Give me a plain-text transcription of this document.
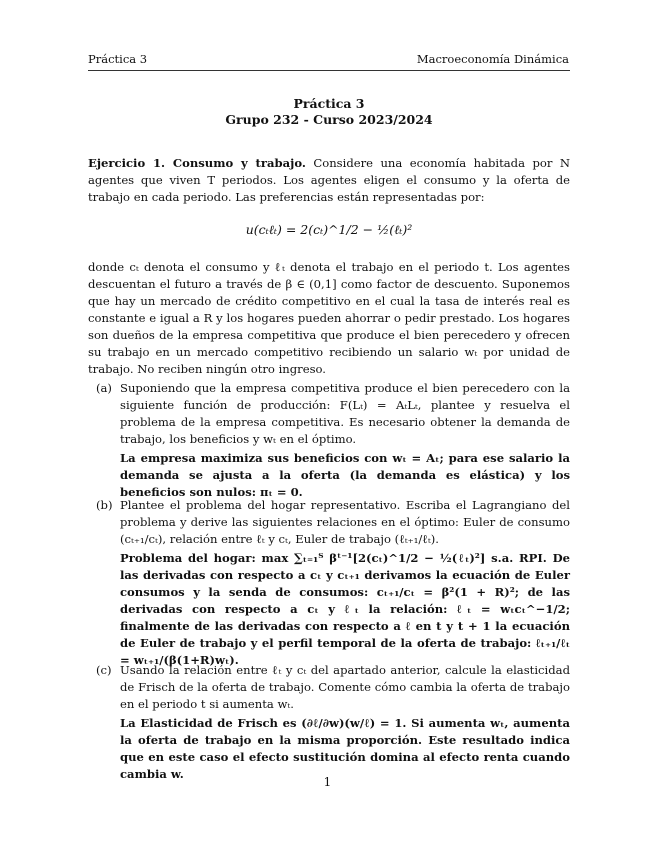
Práctica 3	Macroeconomía Dinámica
Práctica 3
Grupo 232 - Curso 2023/2024
Ejercicio 1. Consumo y trabajo. Considere una economía habitada por N agentes que viven T periodos. Los agentes eligen el consumo y la oferta de trabajo en cada periodo. Las preferencias están representadas por:
u(cₜℓₜ) = 2(cₜ)^1/2 − ½(ℓₜ)²
donde cₜ denota el consumo y ℓₜ denota el trabajo en el periodo t. Los agentes descuentan el futuro a través de β ∈ (0,1] como factor de descuento. Suponemos que hay un mercado de crédito competitivo en el cual la tasa de interés real es constante e igual a R y los hogares pueden ahorrar o pedir prestado. Los hogares son dueños de la empresa competitiva que produce el bien perecedero y ofrecen su trabajo en un mercado competitivo recibiendo un salario wₜ por unidad de trabajo. No reciben ningún otro ingreso.
(a) Suponiendo que la empresa competitiva produce el bien perecedero con la siguiente función de producción: F(Lₜ) = AₜLₜ, plantee y resuelva el problema de la empresa competitiva. Es necesario obtener la demanda de trabajo, los beneficios y wₜ en el óptimo.
La empresa maximiza sus beneficios con wₜ = Aₜ; para ese salario la demanda se ajusta a la oferta (la demanda es elástica) y los beneficios son nulos: πₜ = 0.
(b) Plantee el problema del hogar representativo. Escriba el Lagrangiano del problema y derive las siguientes relaciones en el óptimo: Euler de consumo (cₜ₊₁/cₜ), relación entre ℓₜ y cₜ, Euler de trabajo (ℓₜ₊₁/ℓₜ).
Problema del hogar: max ∑ₜ₌₁ᵀ βᵗ⁻¹[2(cₜ)^1/2 − ½(ℓₜ)²] s.a. RPI. De las derivadas con respecto a cₜ y cₜ₊₁ derivamos la ecuación de Euler consumos y la senda de consumos: cₜ₊₁/cₜ = β²(1 + R)²; de las derivadas con respecto a cₜ y ℓₜ la relación: ℓₜ = wₜcₜ^−1/2; finalmente de las derivadas con respecto a ℓ en t y t + 1 la ecuación de Euler de trabajo y el perfil temporal de la oferta de trabajo: ℓₜ₊₁/ℓₜ = wₜ₊₁/(β(1+R)wₜ).
(c) Usando la relación entre ℓₜ y cₜ del apartado anterior, calcule la elasticidad de Frisch de la oferta de trabajo. Comente cómo cambia la oferta de trabajo en el periodo t si aumenta wₜ.
La Elasticidad de Frisch es (∂ℓ/∂w)(w/ℓ) = 1. Si aumenta wₜ, aumenta la oferta de trabajo en la misma proporción. Este resultado indica que en este caso el efecto sustitución domina al efecto renta cuando cambia w.
1
